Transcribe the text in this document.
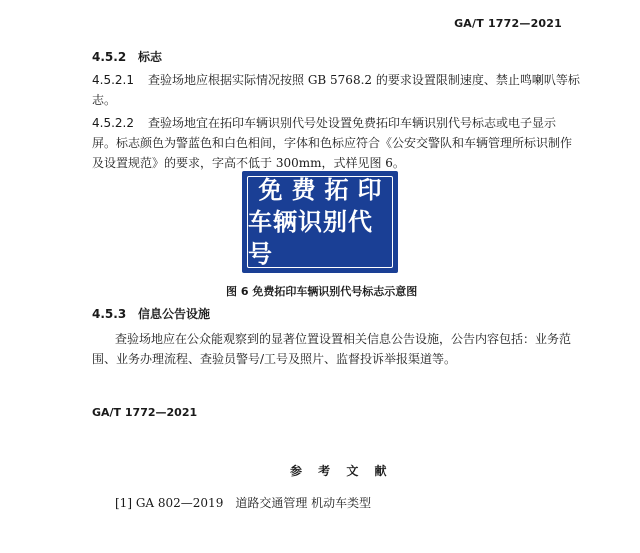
GA/T 1772—2021
4.5.2 标志
4.5.2.1 查验场地应根据实际情况按照 GB 5768.2 的要求设置限制速度、禁止鸣喇叭等标
志。
4.5.2.2 查验场地宜在拓印车辆识别代号处设置免费拓印车辆识别代号标志或电子显示
屏。标志颜色为警蓝色和白色相间，字体和色标应符合《公安交警队和车辆管理所标识制作
及设置规范》的要求，字高不低于 300mm，式样见图 6。
免费拓印
车辆识别代号
图 6 免费拓印车辆识别代号标志示意图
4.5.3 信息公告设施
查验场地应在公众能观察到的显著位置设置相关信息公告设施，公告内容包括：业务范
围、业务办理流程、查验员警号/工号及照片、监督投诉举报渠道等。
GA/T 1772—2021
参 考 文 献
[1] GA 802—2019　道路交通管理 机动车类型
